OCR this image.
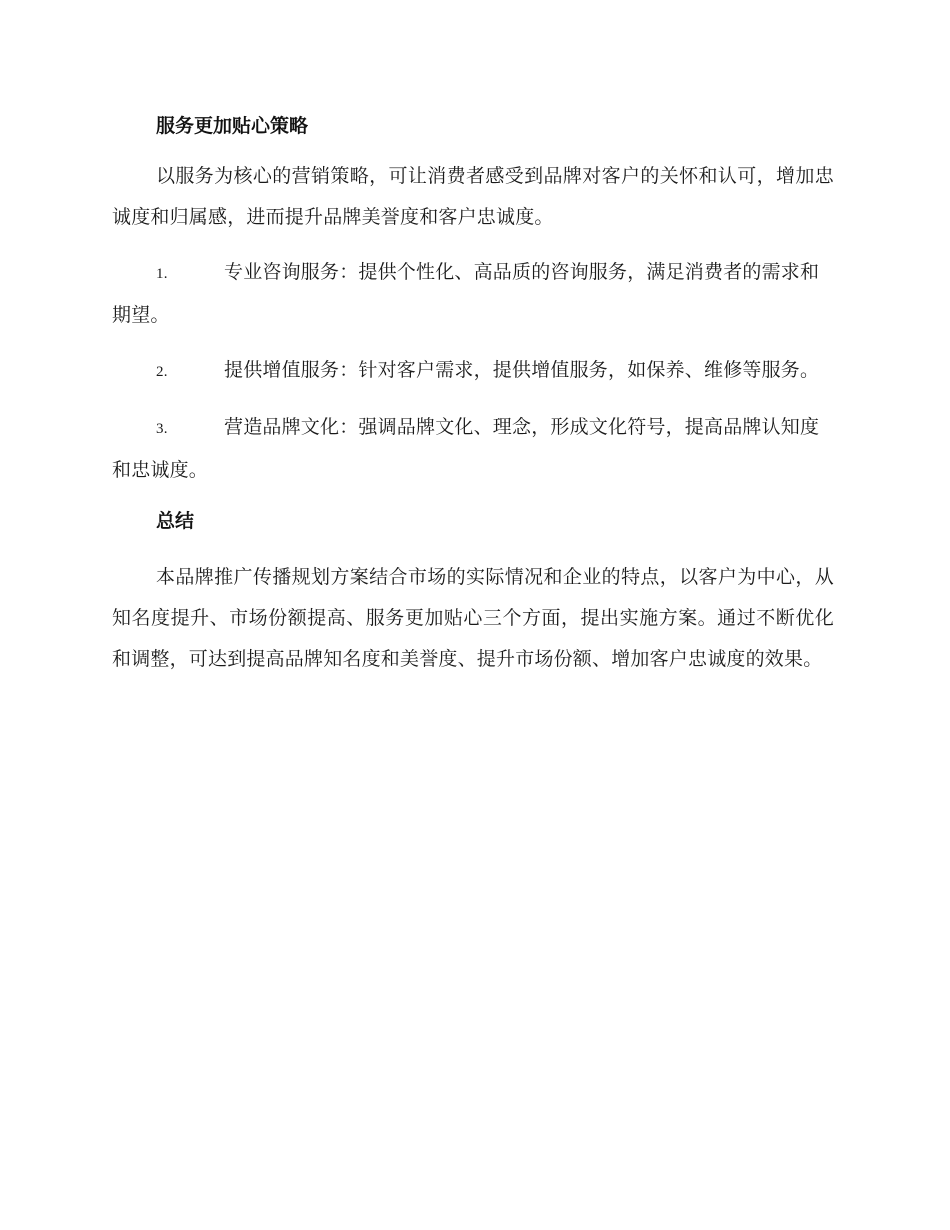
服务更加贴心策略

以服务为核心的营销策略，可让消费者感受到品牌对客户的关怀和认可，增加忠诚度和归属感，进而提升品牌美誉度和客户忠诚度。

1.	专业咨询服务：提供个性化、高品质的咨询服务，满足消费者的需求和期望。

2.	提供增值服务：针对客户需求，提供增值服务，如保养、维修等服务。

3.	营造品牌文化：强调品牌文化、理念，形成文化符号，提高品牌认知度和忠诚度。

总结

本品牌推广传播规划方案结合市场的实际情况和企业的特点，以客户为中心，从知名度提升、市场份额提高、服务更加贴心三个方面，提出实施方案。通过不断优化和调整，可达到提高品牌知名度和美誉度、提升市场份额、增加客户忠诚度的效果。
